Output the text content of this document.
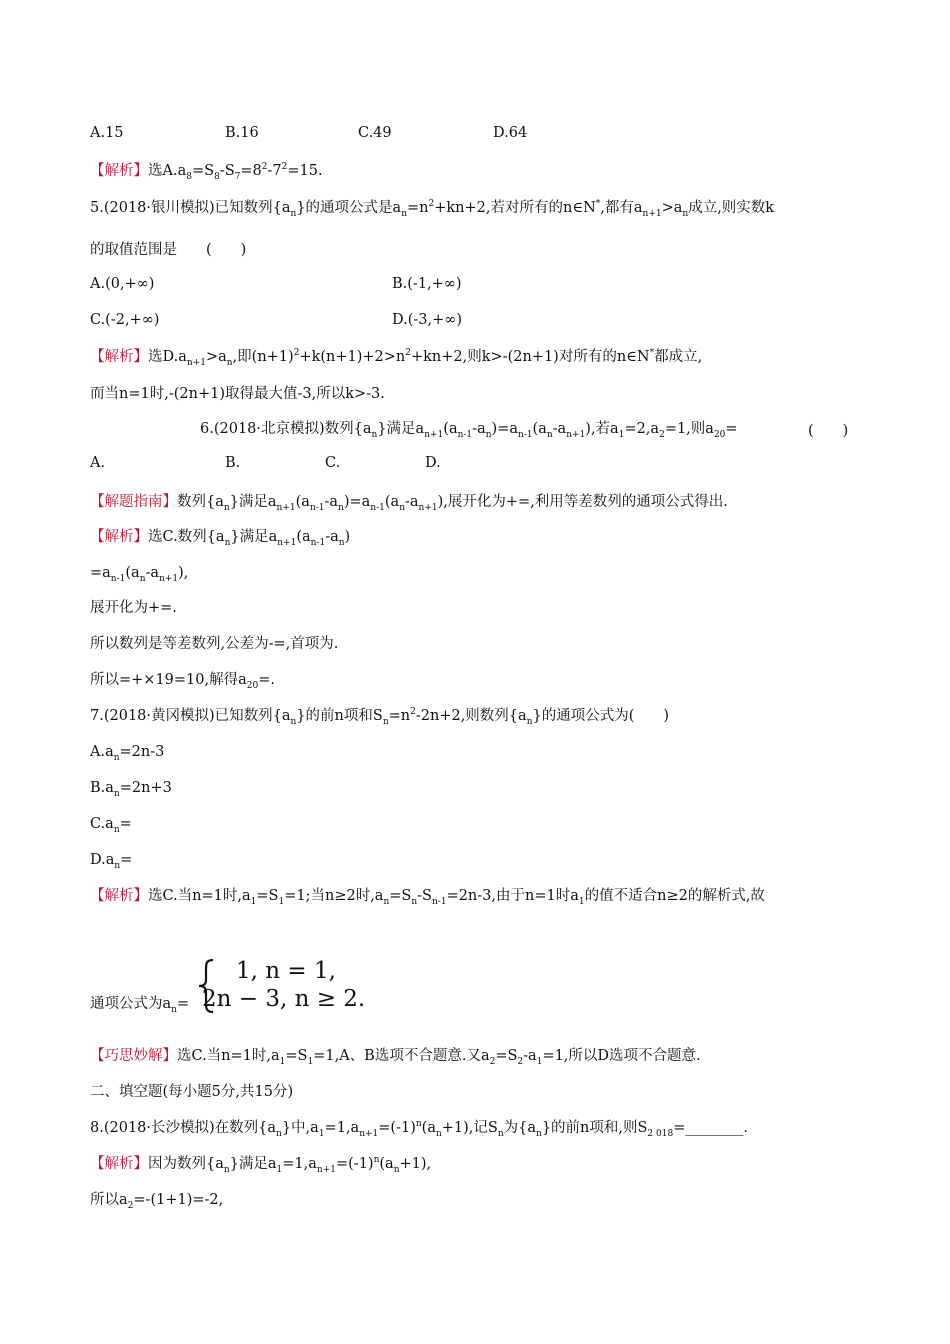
A.15	B.16	C.49	D.64
【解析】选$A.a_8=S_8-S_7=8^2-7^2=15$.
5.(2018·银川模拟)已知数列$\{a_n\}$的通项公式是$a_n=n^2+kn+2$,若对所有的n∈N*,都有$a_{n+1}>a_n$成立,则实数k
的取值范围是　　(　　)
A.(0,+∞)	B.(-1,+∞)
C.(-2,+∞)	D.(-3,+∞)
【解析】选$D.a_{n+1}>a_n$,即$(n+1)^2+k(n+1)+2>n^2+kn+2$,则k>-(2n+1)对所有的n∈N*都成立,
而当n=1时,-(2n+1)取得最大值-3,所以k>-3.
6.(2018·北京模拟)数列$\{a_n\}$满足$a_{n+1}(a_{n-1}-a_n)=a_{n-1}(a_n-a_{n+1})$,若$a_1=2,a_2=1$,则$a_{20}=$	(　　)
A.	B.	C.	D.
【解题指南】数列$\{a_n\}$满足$a_{n+1}(a_{n-1}-a_n)=a_{n-1}(a_n-a_{n+1})$,展开化为+=,利用等差数列的通项公式得出.
【解析】选C.数列$\{a_n\}$满足$a_{n+1}(a_{n-1}-a_n)$
$=a_{n-1}(a_n-a_{n+1})$,
展开化为+=.
所以数列是等差数列,公差为-=,首项为.
所以=+×19=10,解得$a_{20}=$.
7.(2018·黄冈模拟)已知数列$\{a_n\}$的前n项和$S_n=n^2-2n+2$,则数列$\{a_n\}$的通项公式为(　　)
$A.a_n=2n-3$
$B.a_n=2n+3$
$C.a_n=$
$D.a_n=$
【解析】选C.当n=1时$,a_1=S_1=1$;当n≥2时$,a_n=S_n-S_{n-1}=2n-3$,由于n=1时$a_1$的值不适合n≥2的解析式,故
通项公式为$a_n=$
1, n = 1,
2n − 3, n ≥ 2.
【巧思妙解】选C.当n=1时$,a_1=S_1=1,A$、B选项不合题意.又$a_2=S_2-a_1=1$,所以D选项不合题意.
二、填空题(每小题5分,共15分)
8.(2018·长沙模拟)在数列$\{a_n\}$中$,a_1=1,a_{n+1}=(-1)^n(a_n+1)$,记$S_n$为$\{a_n\}$的前n项和,则$S_{2 018}=\_\_\_\_\_\_\_\_$.
【解析】因为数列$\{a_n\}$满足$a_1=1,a_{n+1}=(-1)^n(a_n+1)$,
所以$a_2=-(1+1)=-2$,
